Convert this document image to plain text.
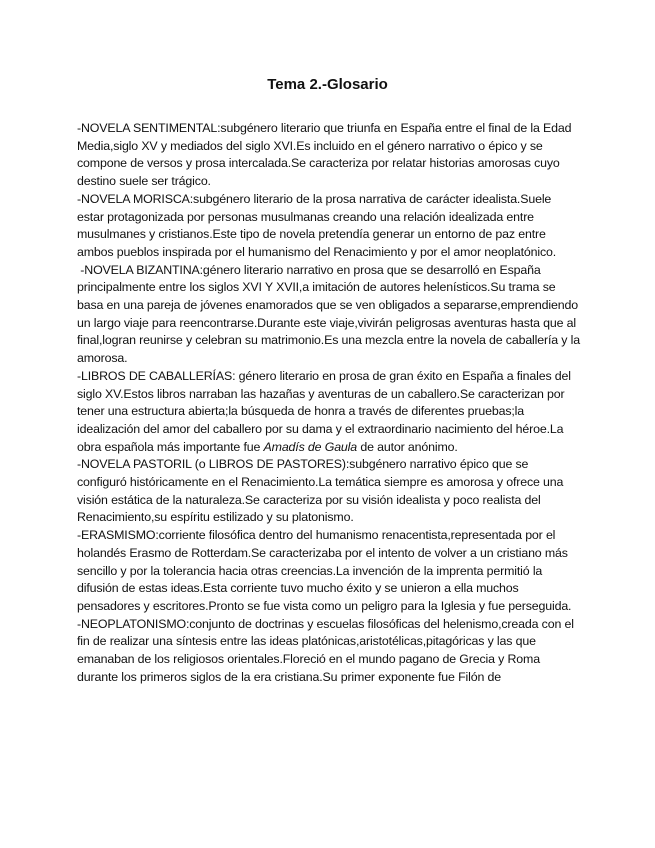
Tema 2.-Glosario

-NOVELA SENTIMENTAL:subgénero literario que triunfa en España entre el final de la Edad Media,siglo XV y mediados del siglo XVI.Es incluido en el género narrativo o épico y se compone de versos y prosa intercalada.Se caracteriza por relatar historias amorosas cuyo destino suele ser trágico.

-NOVELA MORISCA:subgénero literario de la prosa narrativa de carácter idealista.Suele estar protagonizada por personas musulmanas creando una relación idealizada entre musulmanes y cristianos.Este tipo de novela pretendía generar un entorno de paz entre ambos pueblos inspirada por el humanismo del Renacimiento y por el amor neoplatónico.

-NOVELA BIZANTINA:género literario narrativo en prosa que se desarrolló en España principalmente entre los siglos XVI Y XVII,a imitación de autores helenísticos.Su trama se basa en una pareja de jóvenes enamorados que se ven obligados a separarse,emprendiendo un largo viaje para reencontrarse.Durante este viaje,vivirán peligrosas aventuras hasta que al final,logran reunirse y celebran su matrimonio.Es una mezcla entre la novela de caballería y la amorosa.

-LIBROS DE CABALLERÍAS: género literario en prosa de gran éxito en España a finales del siglo XV.Estos libros narraban las hazañas y aventuras de un caballero.Se caracterizan por tener una estructura abierta;la búsqueda de honra a través de diferentes pruebas;la idealización del amor del caballero por su dama y el extraordinario nacimiento del héroe.La obra española más importante fue Amadís de Gaula de autor anónimo.

-NOVELA PASTORIL (o LIBROS DE PASTORES):subgénero narrativo épico que se configuró históricamente en el Renacimiento.La temática siempre es amorosa y ofrece una visión estática de la naturaleza.Se caracteriza por su visión idealista y poco realista del Renacimiento,su espíritu estilizado y su platonismo.

-ERASMISMO:corriente filosófica dentro del humanismo renacentista,representada por el holandés Erasmo de Rotterdam.Se caracterizaba por el intento de volver a un cristiano más sencillo y por la tolerancia hacia otras creencias.La invención de la imprenta permitió la difusión de estas ideas.Esta corriente tuvo mucho éxito y se unieron a ella muchos pensadores y escritores.Pronto se fue vista como un peligro para la Iglesia y fue perseguida.

-NEOPLATONISMO:conjunto de doctrinas y escuelas filosóficas del helenismo,creada con el fin de realizar una síntesis entre las ideas platónicas,aristotélicas,pitagóricas y las que emanaban de los religiosos orientales.Floreció en el mundo pagano de Grecia y Roma durante los primeros siglos de la era cristiana.Su primer exponente fue Filón de
